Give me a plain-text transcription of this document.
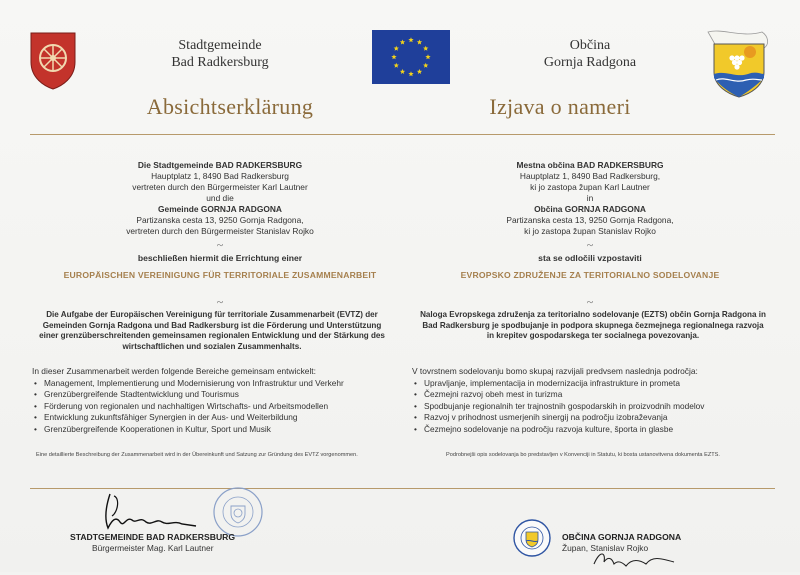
Stadtgemeinde
Bad Radkersburg
Občina
Gornja Radgona
Absichtserklärung	Izjava o nameri
Die Stadtgemeinde BAD RADKERSBURG
Hauptplatz 1, 8490 Bad Radkersburg
vertreten durch den Bürgermeister Karl Lautner
und die
Gemeinde GORNJA RADGONA
Partizanska cesta 13, 9250 Gornja Radgona,
vertreten durch den Bürgermeister Stanislav Rojko
~
beschließen hiermit die Errichtung einer
EUROPÄISCHEN VEREINIGUNG FÜR TERRITORIALE ZUSAMMENARBEIT
~
Die Aufgabe der Europäischen Vereinigung für territoriale Zusammenarbeit (EVTZ) der Gemeinden Gornja Radgona und Bad Radkersburg ist die Förderung und Unterstützung einer grenzüberschreitenden gemeinsamen regionalen Entwicklung und der Stärkung des wirtschaftlichen und sozialen Zusammenhalts.
In dieser Zusammenarbeit werden folgende Bereiche gemeinsam entwickelt:
• Management, Implementierung und Modernisierung von Infrastruktur und Verkehr
• Grenzübergreifende Stadtentwicklung und Tourismus
• Förderung von regionalen und nachhaltigen Wirtschafts- und Arbeitsmodellen
• Entwicklung zukunftsfähiger Synergien in der Aus- und Weiterbildung
• Grenzübergreifende Kooperationen in Kultur, Sport und Musik
Eine detaillierte Beschreibung der Zusammenarbeit wird in der Übereinkunft und Satzung zur Gründung des EVTZ vorgenommen.
Mestna občina BAD RADKERSBURG
Hauptplatz 1, 8490 Bad Radkersburg,
ki jo zastopa župan Karl Lautner
in
Občina GORNJA RADGONA
Partizanska cesta 13, 9250 Gornja Radgona,
ki jo zastopa župan Stanislav Rojko
~
sta se odločili vzpostaviti
EVROPSKO ZDRUŽENJE ZA TERITORIALNO SODELOVANJE
~
Naloga Evropskega združenja za teritorialno sodelovanje (EZTS) občin Gornja Radgona in Bad Radkersburg je spodbujanje in podpora skupnega čezmejnega regionalnega razvoja in krepitev gospodarskega ter socialnega povezovanja.
V tovrstnem sodelovanju bomo skupaj razvijali predvsem naslednja področja:
• Upravljanje, implementacija in modernizacija infrastrukture in prometa
• Čezmejni razvoj obeh mest in turizma
• Spodbujanje regionalnih ter trajnostnih gospodarskih in proizvodnih modelov
• Razvoj v prihodnost usmerjenih sinergij na področju izobraževanja
• Čezmejno sodelovanje na področju razvoja kulture, športa in glasbe
Podrobnejši opis sodelovanja bo predstavljen v Konvenciji in Statutu, ki bosta ustanovitvena dokumenta EZTS.
STADTGEMEINDE BAD RADKERSBURG
Bürgermeister Mag. Karl Lautner
OBČINA GORNJA RADGONA
Župan, Stanislav Rojko
